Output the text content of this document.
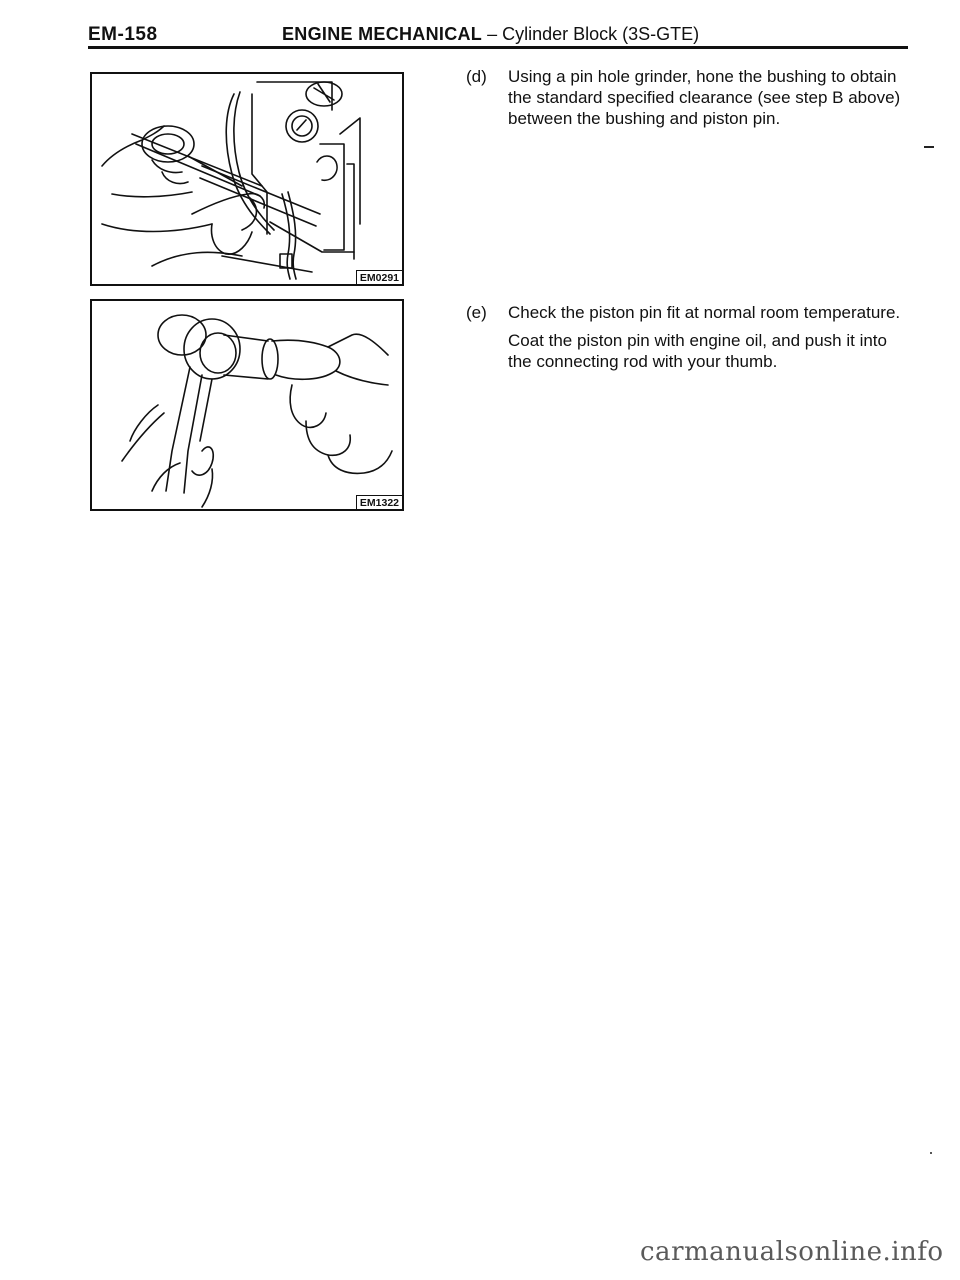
EM-158	ENGINE MECHANICAL – Cylinder Block (3S-GTE)
EM0291
EM1322
(d) Using a pin hole grinder, hone the bushing to obtain the standard specified clearance (see step B above) between the bushing and piston pin.
(e) Check the piston pin fit at normal room temperature.
Coat the piston pin with engine oil, and push it into the connecting rod with your thumb.
carmanualsonline.info
